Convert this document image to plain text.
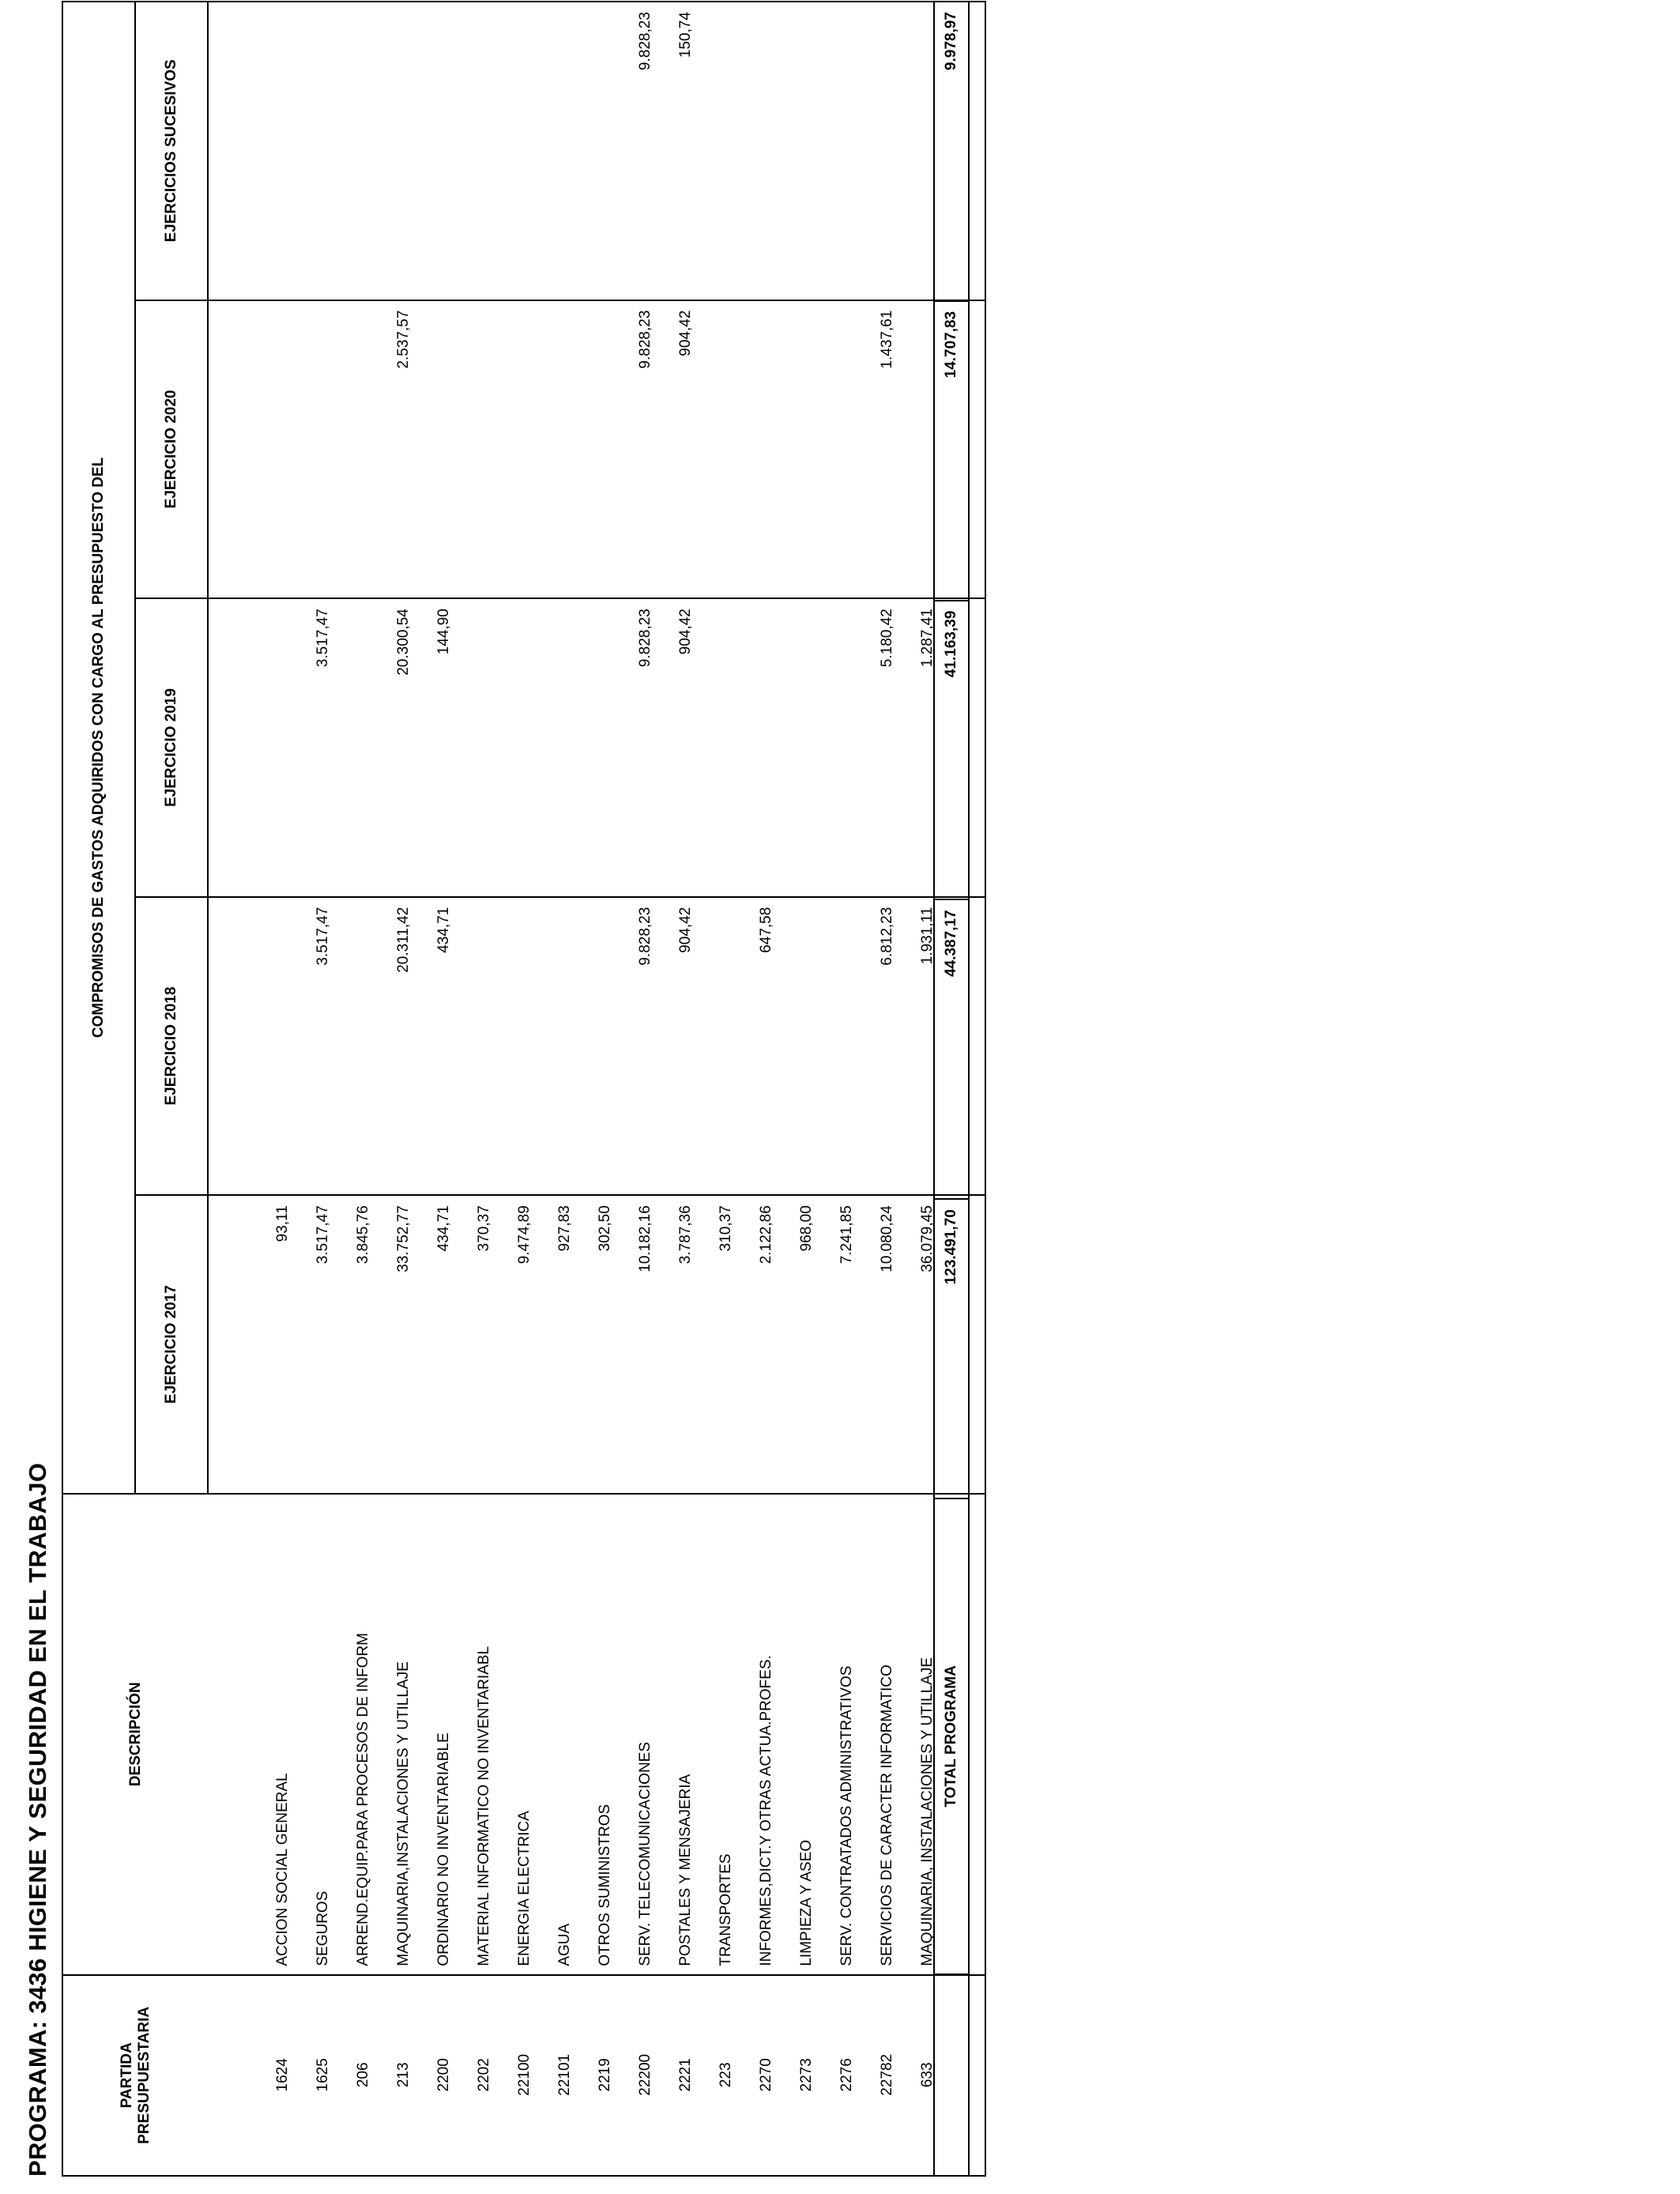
PROGRAMA: 3436 HIGIENE Y SEGURIDAD EN EL TRABAJO	PARTIDA PRESUPUESTARIA	DESCRIPCIÓN	COMPROMISOS DE GASTOS ADQUIRIDOS CON CARGO AL PRESUPUESTO DEL				
		EJERCICIO 2017	EJERCICIO 2018	EJERCICIO 2019	EJERCICIO 2020	EJERCICIOS SUCESIVOS

1624	ACCION SOCIAL GENERAL	93,11				
1625	SEGUROS	3.517,47	3.517,47	3.517,47		
206	ARREND.EQUIP.PARA PROCESOS DE INFORM	3.845,76				
213	MAQUINARIA,INSTALACIONES Y UTILLAJE	33.752,77	20.311,42	20.300,54	2.537,57	
2200	ORDINARIO NO INVENTARIABLE	434,71	434,71	144,90		
2202	MATERIAL INFORMATICO NO INVENTARIABL	370,37				
22100	ENERGIA ELECTRICA	9.474,89				
22101	AGUA	927,83				
2219	OTROS SUMINISTROS	302,50				
22200	SERV. TELECOMUNICACIONES	10.182,16	9.828,23	9.828,23	9.828,23	9.828,23
2221	POSTALES Y MENSAJERIA	3.787,36	904,42	904,42	904,42	150,74
223	TRANSPORTES	310,37				
2270	INFORMES,DICT.Y OTRAS ACTUA.PROFES.	2.122,86	647,58			
2273	LIMPIEZA Y ASEO	968,00				
2276	SERV. CONTRATADOS ADMINISTRATIVOS	7.241,85				
22782	SERVICIOS DE CARACTER INFORMATICO	10.080,24	6.812,23	5.180,42	1.437,61	
633	MAQUINARIA, INSTALACIONES Y UTILLAJE	36.079,45	1.931,11	1.287,41		

	TOTAL PROGRAMA	123.491,70	44.387,17	41.163,39	14.707,83	9.978,97
